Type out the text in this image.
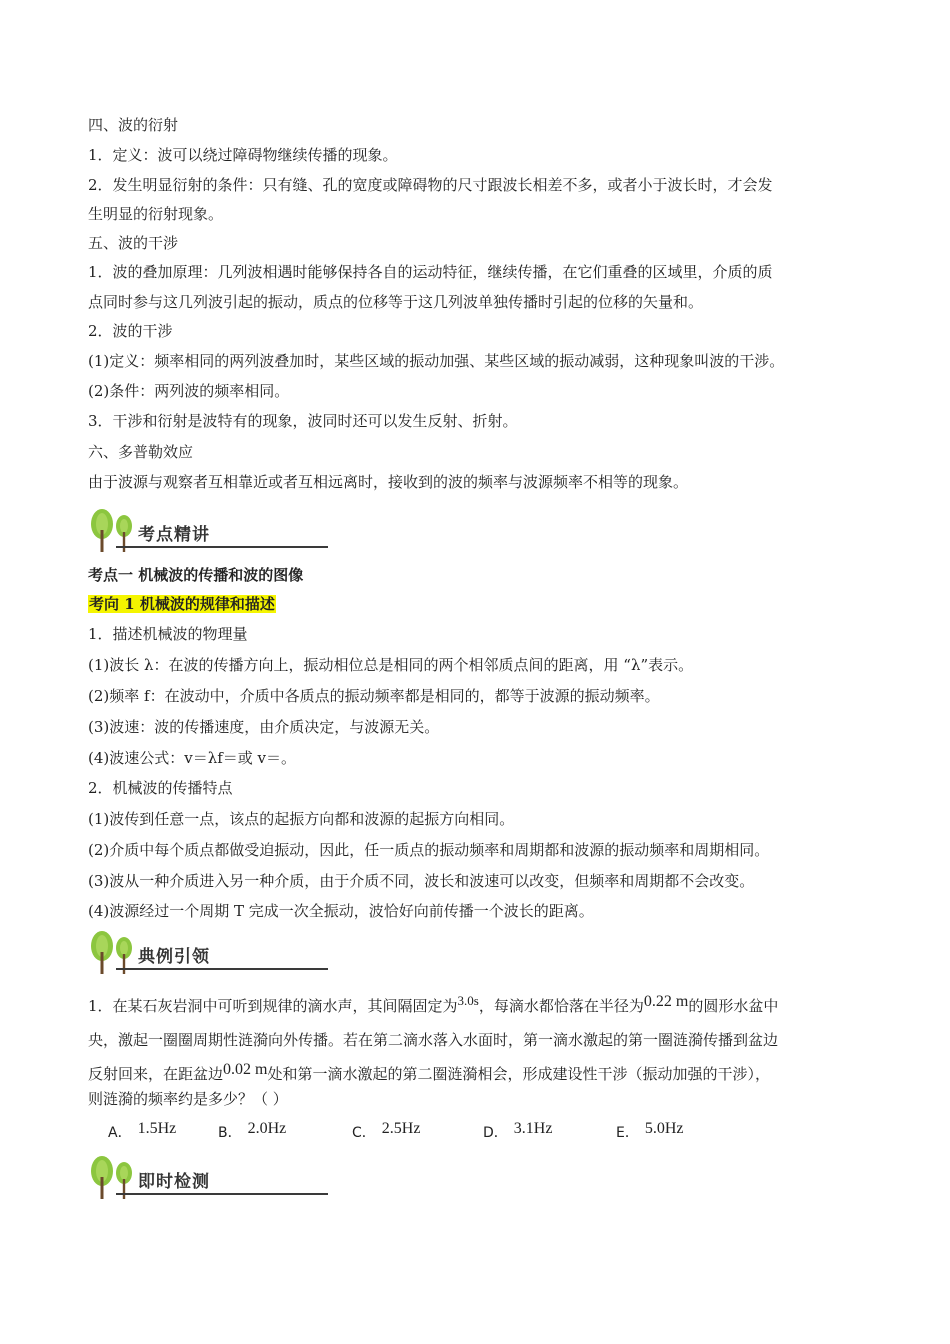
四、波的衍射
1．定义：波可以绕过障碍物继续传播的现象。
2．发生明显衍射的条件：只有缝、孔的宽度或障碍物的尺寸跟波长相差不多，或者小于波长时，才会发
生明显的衍射现象。
五、波的干涉
1．波的叠加原理：几列波相遇时能够保持各自的运动特征，继续传播，在它们重叠的区域里，介质的质
点同时参与这几列波引起的振动，质点的位移等于这几列波单独传播时引起的位移的矢量和。
2．波的干涉
(1)定义：频率相同的两列波叠加时，某些区域的振动加强、某些区域的振动减弱，这种现象叫波的干涉。
(2)条件：两列波的频率相同。
3．干涉和衍射是波特有的现象，波同时还可以发生反射、折射。
六、多普勒效应
由于波源与观察者互相靠近或者互相远离时，接收到的波的频率与波源频率不相等的现象。
考点精讲
考点一 机械波的传播和波的图像
考向 1 机械波的规律和描述
1．描述机械波的物理量
(1)波长 λ：在波的传播方向上，振动相位总是相同的两个相邻质点间的距离，用 “λ”表示。
(2)频率 f：在波动中，介质中各质点的振动频率都是相同的，都等于波源的振动频率。
(3)波速：波的传播速度，由介质决定，与波源无关。
(4)波速公式：v＝λf＝或 v＝。
2．机械波的传播特点
(1)波传到任意一点，该点的起振方向都和波源的起振方向相同。
(2)介质中每个质点都做受迫振动，因此，任一质点的振动频率和周期都和波源的振动频率和周期相同。
(3)波从一种介质进入另一种介质，由于介质不同，波长和波速可以改变，但频率和周期都不会改变。
(4)波源经过一个周期 T 完成一次全振动，波恰好向前传播一个波长的距离。
典例引领
1．在某石灰岩洞中可听到规律的滴水声，其间隔固定为3.0s，每滴水都恰落在半径为0.22 m的圆形水盆中
央，激起一圈圈周期性涟漪向外传播。若在第二滴水落入水面时，第一滴水激起的第一圈涟漪传播到盆边
反射回来，在距盆边0.02 m处和第一滴水激起的第二圈涟漪相会，形成建设性干涉（振动加强的干涉），
则涟漪的频率约是多少？（ ）
A． 1.5Hz	B． 2.0Hz	C． 2.5Hz	D． 3.1Hz	E． 5.0Hz
即时检测
